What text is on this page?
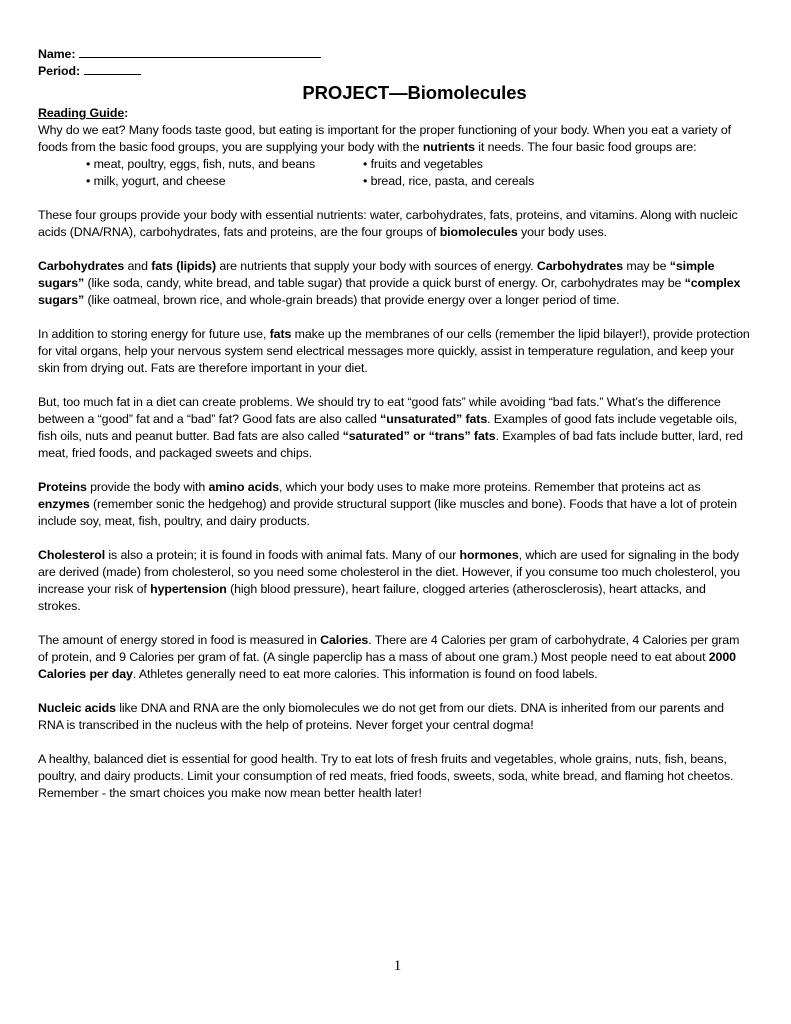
Name:
Period:
PROJECT—Biomolecules
Reading Guide:

Why do we eat? Many foods taste good, but eating is important for the proper functioning of your body. When you eat a variety of foods from the basic food groups, you are supplying your body with the nutrients it needs. The four basic food groups are:

• meat, poultry, eggs, fish, nuts, and beans	• fruits and vegetables
• milk, yogurt, and cheese	• bread, rice, pasta, and cereals

These four groups provide your body with essential nutrients: water, carbohydrates, fats, proteins, and vitamins. Along with nucleic acids (DNA/RNA), carbohydrates, fats and proteins, are the four groups of biomolecules your body uses.

Carbohydrates and fats (lipids) are nutrients that supply your body with sources of energy. Carbohydrates may be “simple sugars” (like soda, candy, white bread, and table sugar) that provide a quick burst of energy. Or, carbohydrates may be “complex sugars” (like oatmeal, brown rice, and whole-grain breads) that provide energy over a longer period of time.

In addition to storing energy for future use, fats make up the membranes of our cells (remember the lipid bilayer!), provide protection for vital organs, help your nervous system send electrical messages more quickly, assist in temperature regulation, and keep your skin from drying out. Fats are therefore important in your diet.

But, too much fat in a diet can create problems. We should try to eat “good fats” while avoiding “bad fats.” What’s the difference between a “good” fat and a “bad” fat? Good fats are also called “unsaturated” fats. Examples of good fats include vegetable oils, fish oils, nuts and peanut butter. Bad fats are also called “saturated” or “trans” fats. Examples of bad fats include butter, lard, red meat, fried foods, and packaged sweets and chips.

Proteins provide the body with amino acids, which your body uses to make more proteins. Remember that proteins act as enzymes (remember sonic the hedgehog) and provide structural support (like muscles and bone). Foods that have a lot of protein include soy, meat, fish, poultry, and dairy products.

Cholesterol is also a protein; it is found in foods with animal fats. Many of our hormones, which are used for signaling in the body are derived (made) from cholesterol, so you need some cholesterol in the diet. However, if you consume too much cholesterol, you increase your risk of hypertension (high blood pressure), heart failure, clogged arteries (atherosclerosis), heart attacks, and strokes.

The amount of energy stored in food is measured in Calories. There are 4 Calories per gram of carbohydrate, 4 Calories per gram of protein, and 9 Calories per gram of fat. (A single paperclip has a mass of about one gram.) Most people need to eat about 2000 Calories per day. Athletes generally need to eat more calories. This information is found on food labels.

Nucleic acids like DNA and RNA are the only biomolecules we do not get from our diets. DNA is inherited from our parents and RNA is transcribed in the nucleus with the help of proteins. Never forget your central dogma!

A healthy, balanced diet is essential for good health. Try to eat lots of fresh fruits and vegetables, whole grains, nuts, fish, beans, poultry, and dairy products. Limit your consumption of red meats, fried foods, sweets, soda, white bread, and flaming hot cheetos. Remember - the smart choices you make now mean better health later!

1
